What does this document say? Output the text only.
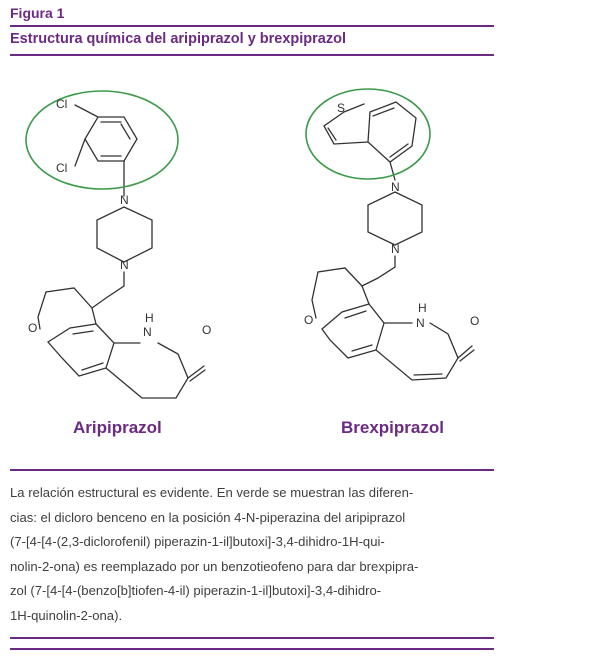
Figura 1
Estructura química del aripiprazol y brexpiprazol
Cl
Cl
N
N
O
H
N	O
S
N
N
O
H
N	O
Aripiprazol	Brexpiprazol
La relación estructural es evidente. En verde se muestran las diferen-
cias: el dicloro benceno en la posición 4-N-piperazina del aripiprazol
(7-[4-[4-(2,3-diclorofenil) piperazin-1-il]butoxi]-3,4-dihidro-1H-qui-
nolin-2-ona) es reemplazado por un benzotieofeno para dar brexpipra-
zol (7-[4-[4-(benzo[b]tiofen-4-il) piperazin-1-il]butoxi]-3,4-dihidro-
1H-quinolin-2-ona).
